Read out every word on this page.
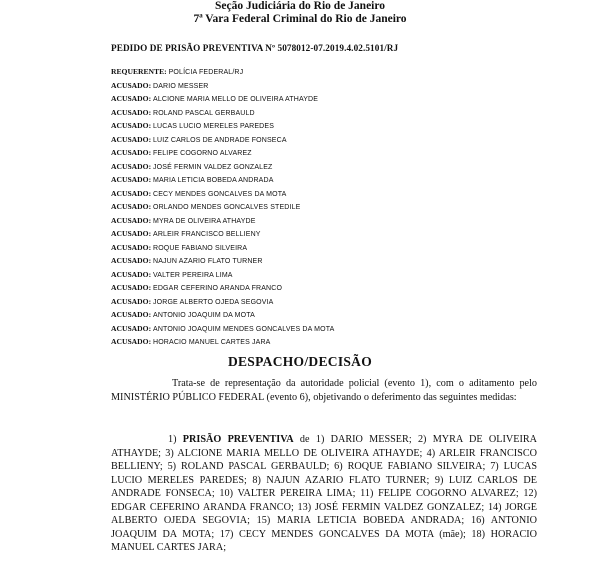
Seção Judiciária do Rio de Janeiro
7ª Vara Federal Criminal do Rio de Janeiro
PEDIDO DE PRISÃO PREVENTIVA Nº 5078012-07.2019.4.02.5101/RJ
REQUERENTE: POLÍCIA FEDERAL/RJ
ACUSADO: DARIO MESSER
ACUSADO: ALCIONE MARIA MELLO DE OLIVEIRA ATHAYDE
ACUSADO: ROLAND PASCAL GERBAULD
ACUSADO: LUCAS LUCIO MERELES PAREDES
ACUSADO: LUIZ CARLOS DE ANDRADE FONSECA
ACUSADO: FELIPE COGORNO ALVAREZ
ACUSADO: JOSÉ FERMIN VALDEZ GONZALEZ
ACUSADO: MARIA LETICIA BOBEDA ANDRADA
ACUSADO: CECY MENDES GONCALVES DA MOTA
ACUSADO: ORLANDO MENDES GONCALVES STEDILE
ACUSADO: MYRA DE OLIVEIRA ATHAYDE
ACUSADO: ARLEIR FRANCISCO BELLIENY
ACUSADO: ROQUE FABIANO SILVEIRA
ACUSADO: NAJUN AZARIO FLATO TURNER
ACUSADO: VALTER PEREIRA LIMA
ACUSADO: EDGAR CEFERINO ARANDA FRANCO
ACUSADO: JORGE ALBERTO OJEDA SEGOVIA
ACUSADO: ANTONIO JOAQUIM DA MOTA
ACUSADO: ANTONIO JOAQUIM MENDES GONCALVES DA MOTA
ACUSADO: HORACIO MANUEL CARTES JARA
DESPACHO/DECISÃO
Trata-se de representação da autoridade policial (evento 1), com o aditamento pelo MINISTÉRIO PÚBLICO FEDERAL (evento 6), objetivando o deferimento das seguintes medidas:
1) PRISÃO PREVENTIVA de 1) DARIO MESSER; 2) MYRA DE OLIVEIRA ATHAYDE; 3) ALCIONE MARIA MELLO DE OLIVEIRA ATHAYDE; 4) ARLEIR FRANCISCO BELLIENY; 5) ROLAND PASCAL GERBAULD; 6) ROQUE FABIANO SILVEIRA; 7) LUCAS LUCIO MERELES PAREDES; 8) NAJUN AZARIO FLATO TURNER; 9) LUIZ CARLOS DE ANDRADE FONSECA; 10) VALTER PEREIRA LIMA; 11) FELIPE COGORNO ALVAREZ; 12) EDGAR CEFERINO ARANDA FRANCO; 13) JOSÉ FERMIN VALDEZ GONZALEZ; 14) JORGE ALBERTO OJEDA SEGOVIA; 15) MARIA LETICIA BOBEDA ANDRADA; 16) ANTONIO JOAQUIM DA MOTA; 17) CECY MENDES GONCALVES DA MOTA (mãe); 18) HORACIO MANUEL CARTES JARA;
